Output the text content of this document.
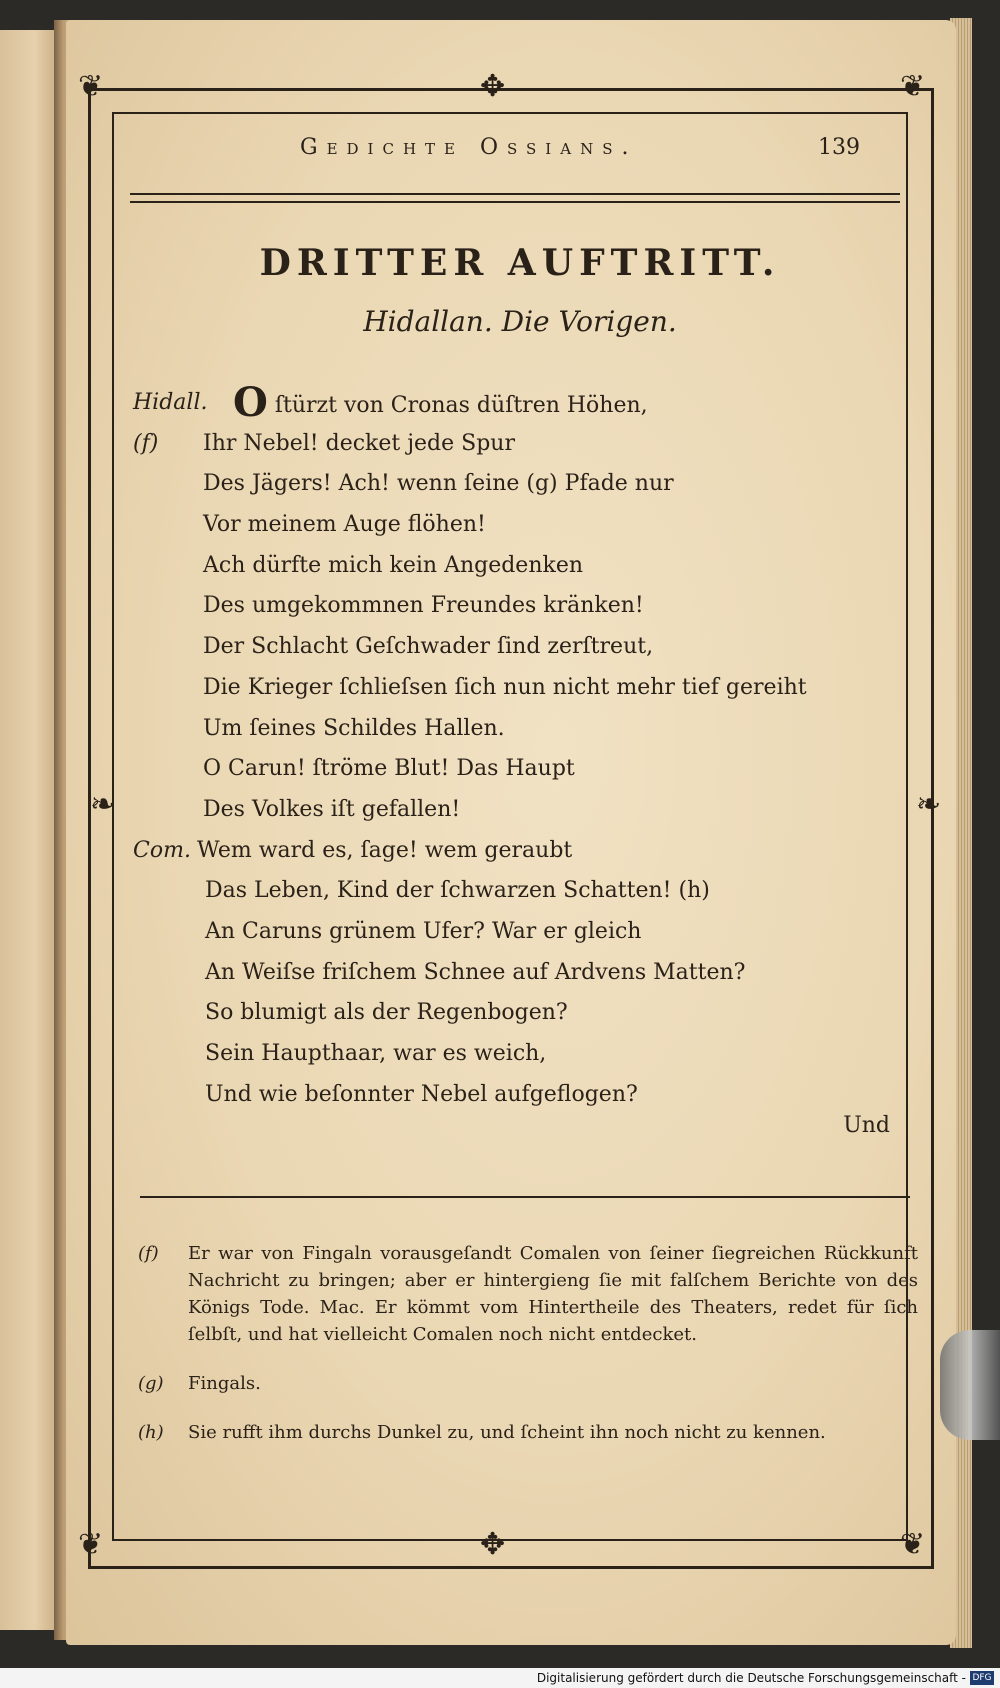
❦	❦
❦	❦
✥
✥
❧	❧
Gedichte Ossians.	139
DRITTER AUFTRITT.
Hidallan. Die Vorigen.
Hidall. (f)
O ſtürzt von Cronas düſtren Höhen,
Ihr Nebel! decket jede Spur
Des Jägers! Ach! wenn ſeine (g) Pfade nur
Vor meinem Auge flöhen!
Ach dürfte mich kein Angedenken
Des umgekommnen Freundes kränken!
Der Schlacht Geſchwader ſind zerſtreut,
Die Krieger ſchlieſsen ſich nun nicht mehr tief gereiht
Um ſeines Schildes Hallen.
O Carun! ſtröme Blut! Das Haupt
Des Volkes iſt gefallen!
Com. Wem ward es, ſage! wem geraubt
Das Leben, Kind der ſchwarzen Schatten! (h)
An Caruns grünem Ufer? War er gleich
An Weiſse friſchem Schnee auf Ardvens Matten?
So blumigt als der Regenbogen?
Sein Haupthaar, war es weich,
Und wie beſonnter Nebel aufgeflogen?
Und
(f)	Er war von Fingaln vorausgeſandt Comalen von ſeiner ſiegreichen Rückkunft Nachricht zu bringen; aber er hintergieng ſie mit falſchem Berichte von des Königs Tode. Mac. Er kömmt vom Hintertheile des Theaters, redet für ſich ſelbſt, und hat vielleicht Comalen noch nicht entdecket.
(g)	Fingals.
(h)	Sie rufft ihm durchs Dunkel zu, und ſcheint ihn noch nicht zu kennen.
Digitalisierung gefördert durch die Deutsche Forschungsgemeinschaft - DFG
